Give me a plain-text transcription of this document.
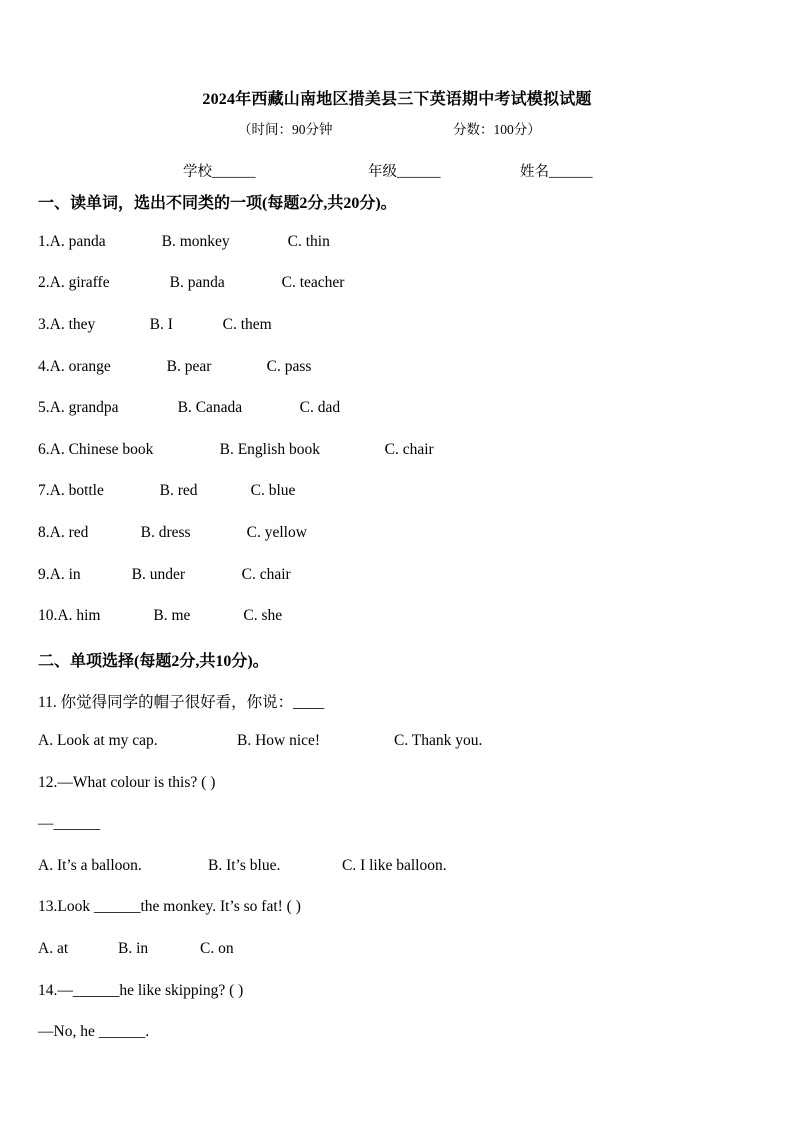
2024年西藏山南地区措美县三下英语期中考试模拟试题
（时间：90分钟	分数：100分）
学校______	年级______	姓名______
一、读单词，选出不同类的一项(每题2分,共20分)。
1.A. panda	B. monkey	C. thin
2.A. giraffe	B. panda	C. teacher
3.A. they	B. I	C. them
4.A. orange	B. pear	C. pass
5.A. grandpa	B. Canada	C. dad
6.A. Chinese book	B. English book	C. chair
7.A. bottle	B. red	C. blue
8.A. red	B. dress	C. yellow
9.A. in	B. under	C. chair
10.A. him	B. me	C. she
二、单项选择(每题2分,共10分)。
11. 你觉得同学的帽子很好看，你说：____
A. Look at my cap.	B. How nice!	C. Thank you.
12.—What colour is this? ( )
—______
A. It’s a balloon.	B. It’s blue.	C. I like balloon.
13.Look ______the monkey. It’s so fat! ( )
A. at	B. in	C. on
14.—______he like skipping? ( )
—No, he ______.
